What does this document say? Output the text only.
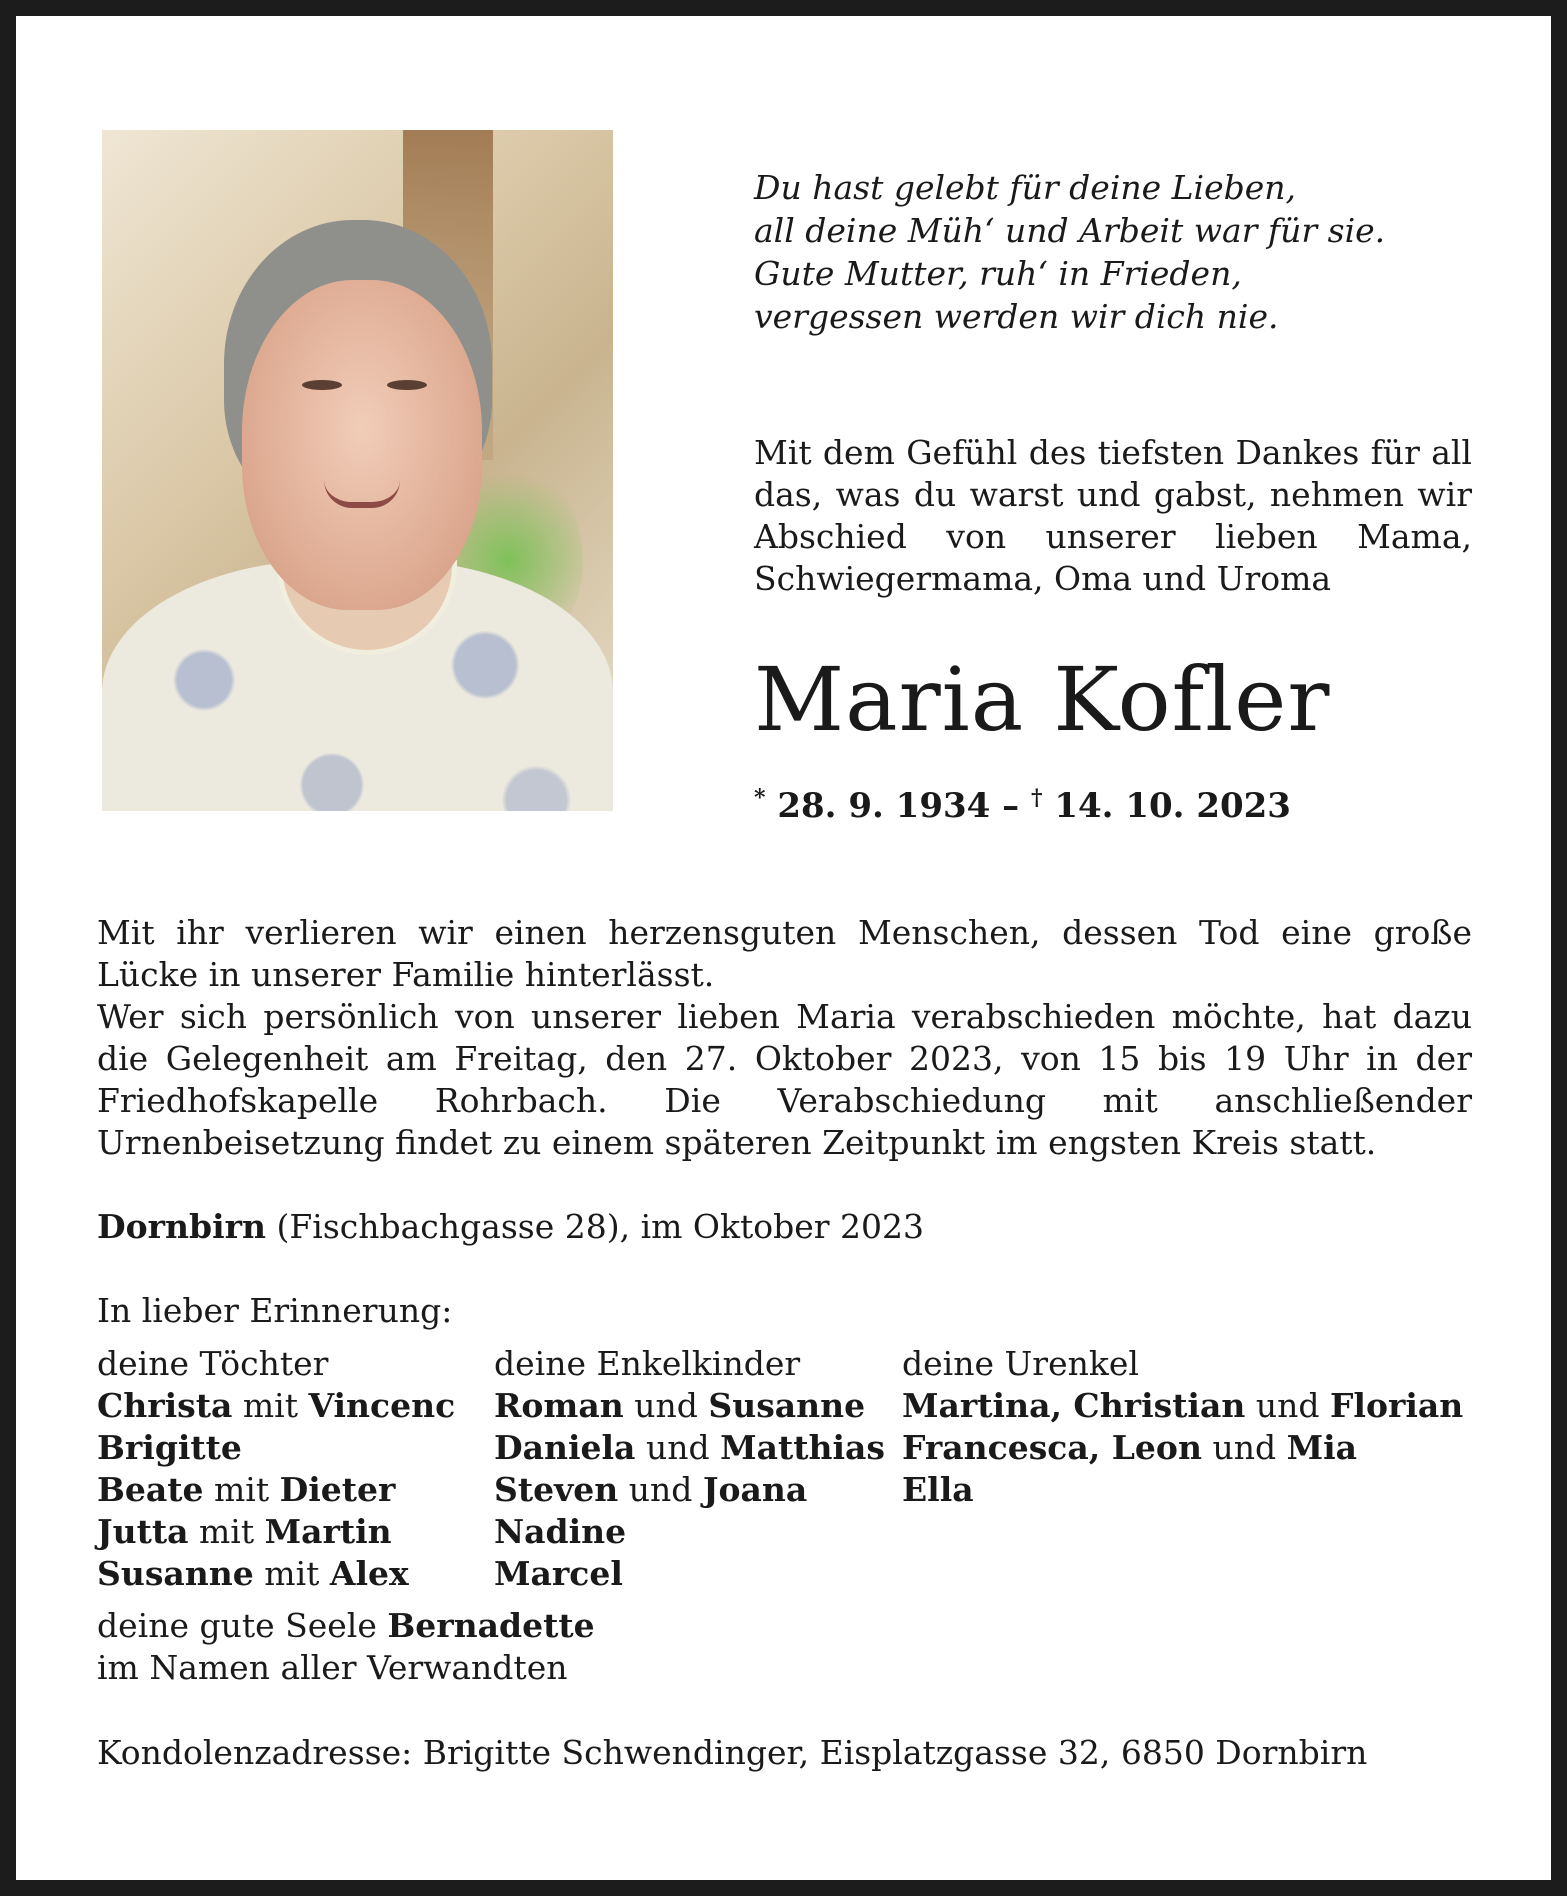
Du hast gelebt für deine Lieben,
all deine Müh‘ und Arbeit war für sie.
Gute Mutter, ruh‘ in Frieden,
vergessen werden wir dich nie.
Mit dem Gefühl des tiefsten Dankes für all das, was du warst und gabst, nehmen wir Abschied von unserer lieben Mama, Schwiegermama, Oma und Uroma
Maria Kofler
* 28. 9. 1934 – † 14. 10. 2023

Mit ihr verlieren wir einen herzensguten Menschen, dessen Tod eine große Lücke in unserer Familie hinterlässt.

Wer sich persönlich von unserer lieben Maria verabschieden möchte, hat dazu die Gelegenheit am Freitag, den 27. Oktober 2023, von 15 bis 19 Uhr in der Friedhofskapelle Rohrbach. Die Verabschiedung mit anschließender Urnenbeisetzung findet zu einem späteren Zeitpunkt im engsten Kreis statt.

Dornbirn (Fischbachgasse 28), im Oktober 2023
In lieber Erinnerung:
deine Töchter
Christa mit Vincenc
Brigitte
Beate mit Dieter
Jutta mit Martin
Susanne mit Alex
deine Enkelkinder
Roman und Susanne
Daniela und Matthias
Steven und Joana
Nadine
Marcel
deine Urenkel
Martina, Christian und Florian
Francesca, Leon und Mia
Ella
deine gute Seele Bernadette
im Namen aller Verwandten
Kondolenzadresse: Brigitte Schwendinger, Eisplatzgasse 32, 6850 Dornbirn
